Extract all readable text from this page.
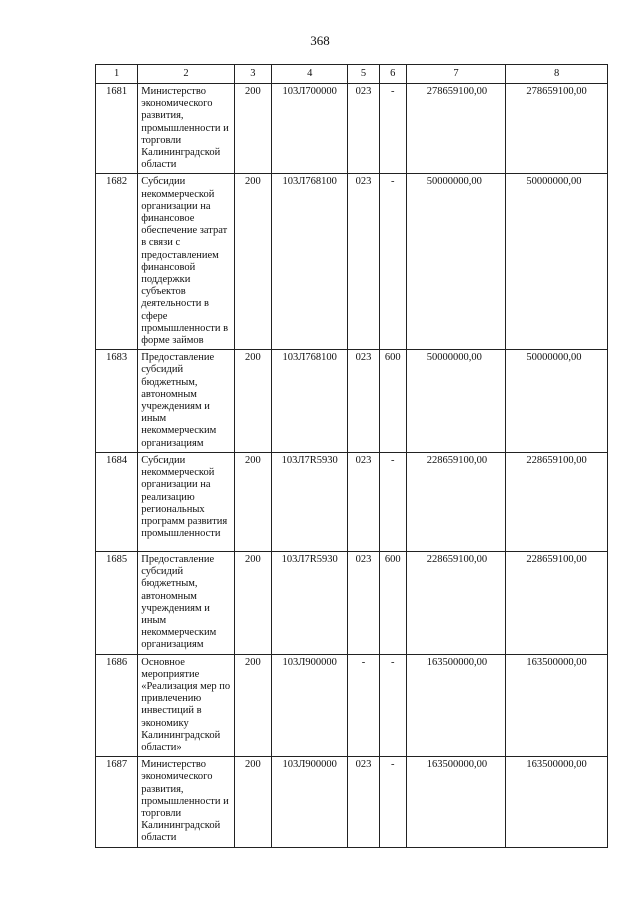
368
1	2	3	4	5	6	7	8
1681	Министерство экономического развития, промышленности и торговли Калининградской области	200	103Л700000	023	-	278659100,00	278659100,00
1682	Субсидии некоммерческой организации на финансовое обеспечение затрат в связи с предоставлением финансовой поддержки субъектов деятельности в сфере промышленности в форме займов	200	103Л768100	023	-	50000000,00	50000000,00
1683	Предоставление субсидий бюджетным, автономным учреждениям и иным некоммерческим организациям	200	103Л768100	023	600	50000000,00	50000000,00
1684	Субсидии некоммерческой организации на реализацию региональных программ развития промышленности	200	103Л7R5930	023	-	228659100,00	228659100,00
1685	Предоставление субсидий бюджетным, автономным учреждениям и иным некоммерческим организациям	200	103Л7R5930	023	600	228659100,00	228659100,00
1686	Основное мероприятие «Реализация мер по привлечению инвестиций в экономику Калининградской области»	200	103Л900000	-	-	163500000,00	163500000,00
1687	Министерство экономического развития, промышленности и торговли Калининградской области	200	103Л900000	023	-	163500000,00	163500000,00
